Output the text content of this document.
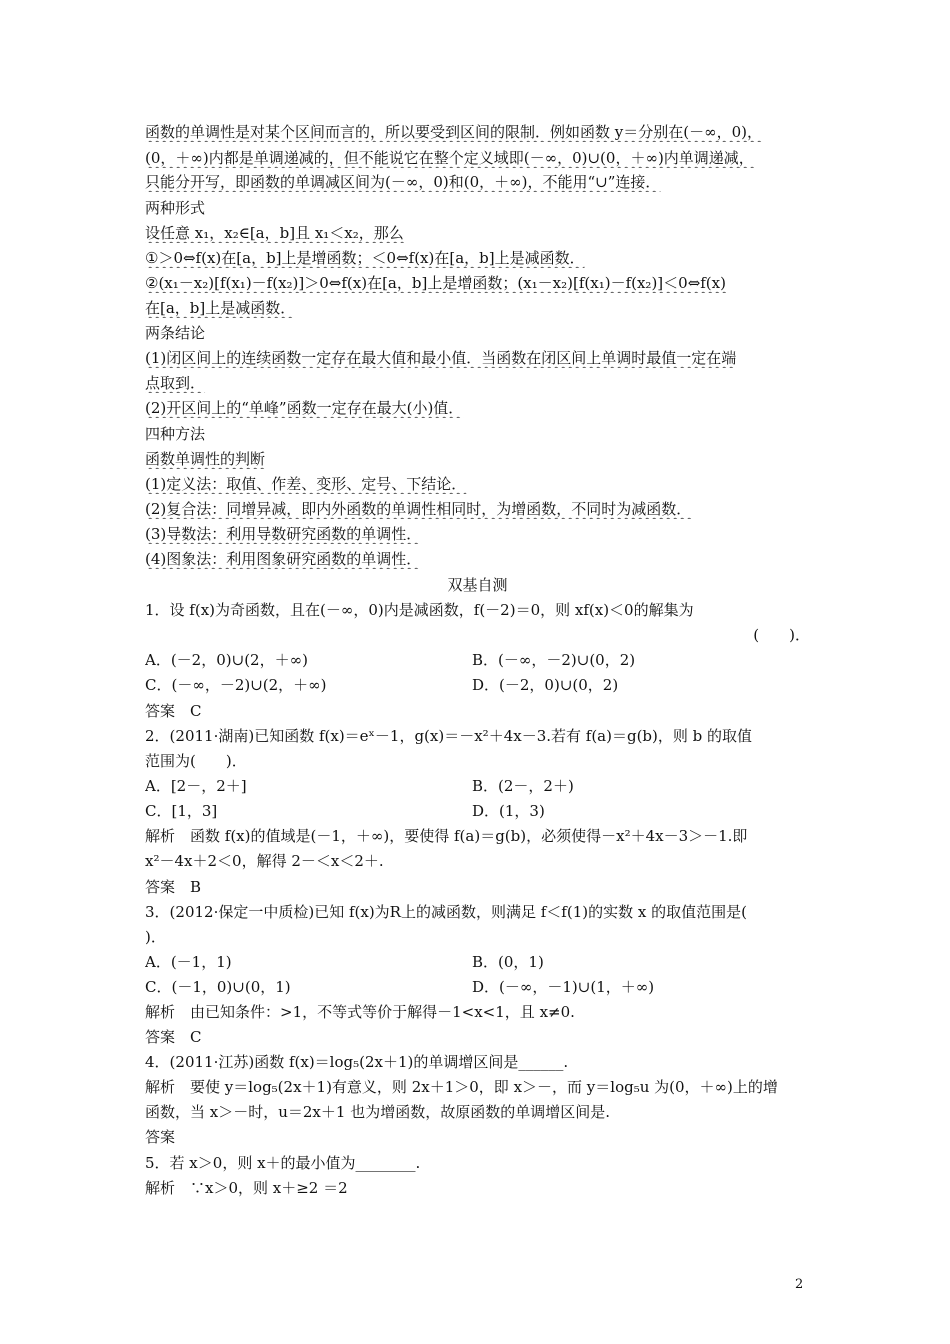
函数的单调性是对某个区间而言的，所以要受到区间的限制．例如函数 y＝分别在(－∞，0)，
(0，＋∞)内都是单调递减的，但不能说它在整个定义域即(－∞，0)∪(0，＋∞)内单调递减，
只能分开写，即函数的单调减区间为(－∞，0)和(0，＋∞)，不能用“∪”连接．
两种形式
设任意 x₁，x₂∈[a，b]且 x₁＜x₂，那么
①＞0⇔f(x)在[a，b]上是增函数；＜0⇔f(x)在[a，b]上是减函数．
②(x₁－x₂)[f(x₁)－f(x₂)]＞0⇔f(x)在[a，b]上是增函数；(x₁－x₂)[f(x₁)－f(x₂)]＜0⇔f(x)
在[a，b]上是减函数．
两条结论
(1)闭区间上的连续函数一定存在最大值和最小值．当函数在闭区间上单调时最值一定在端
点取到．
(2)开区间上的“单峰”函数一定存在最大(小)值．
四种方法
函数单调性的判断
(1)定义法：取值、作差、变形、定号、下结论．
(2)复合法：同增异减，即内外函数的单调性相同时，为增函数，不同时为减函数．
(3)导数法：利用导数研究函数的单调性．
(4)图象法：利用图象研究函数的单调性．
双基自测
1．设 f(x)为奇函数，且在(－∞，0)内是减函数，f(－2)＝0，则 xf(x)＜0的解集为
(　　)．
A．(－2，0)∪(2，＋∞)	B．(－∞，－2)∪(0，2)
C．(－∞，－2)∪(2，＋∞)	D．(－2，0)∪(0，2)
答案　C
2．(2011·湖南)已知函数 f(x)＝eˣ－1，g(x)＝－x²＋4x－3.若有 f(a)＝g(b)，则 b 的取值
范围为(　　)．
A．[2－，2＋]	B．(2－，2＋)
C．[1，3]	D．(1，3)
解析　函数 f(x)的值域是(－1，＋∞)，要使得 f(a)＝g(b)，必须使得－x²＋4x－3＞－1.即
x²－4x＋2＜0，解得 2－＜x＜2＋.
答案　B
3．(2012·保定一中质检)已知 f(x)为R上的减函数，则满足 f＜f(1)的实数 x 的取值范围是(
)．
A．(－1，1)	B．(0，1)
C．(－1，0)∪(0，1)	D．(－∞，－1)∪(1，＋∞)
解析　由已知条件：>1，不等式等价于解得－1<x<1，且 x≠0.
答案　C
4．(2011·江苏)函数 f(x)＝log₅(2x＋1)的单调增区间是______.
解析　要使 y＝log₅(2x＋1)有意义，则 2x＋1＞0，即 x＞－，而 y＝log₅u 为(0，＋∞)上的增
函数，当 x＞－时，u＝2x＋1 也为增函数，故原函数的单调增区间是.
答案
5．若 x＞0，则 x＋的最小值为________.
解析　∵x＞0，则 x＋≥2 ＝2
2
